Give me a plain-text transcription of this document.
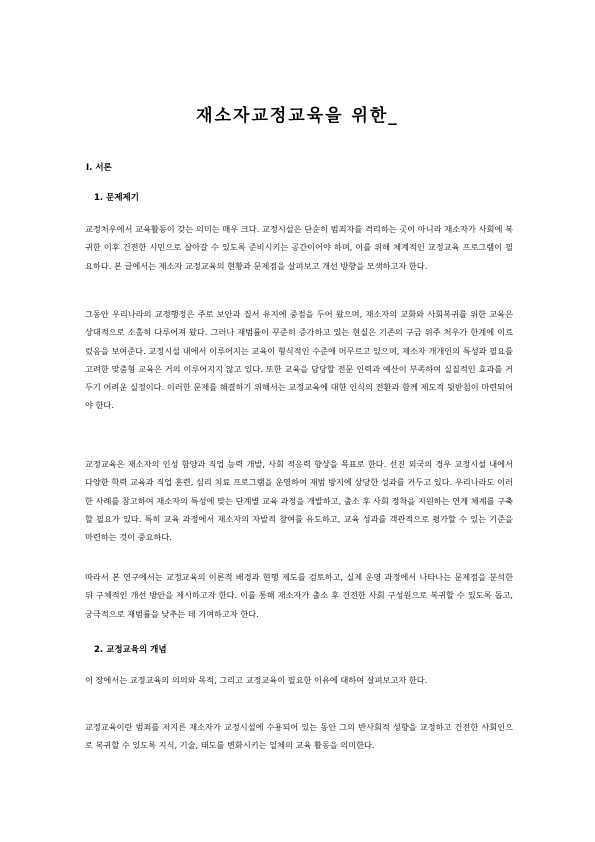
재소자교정교육을 위한_
Ⅰ. 서론
1. 문제제기

교정처우에서 교육활동이 갖는 의미는 매우 크다. 교정시설은 단순히 범죄자를 격리하는 곳이 아니라 재소자가 사회에 복귀한 이후 건전한 시민으로 살아갈 수 있도록 준비시키는 공간이어야 하며, 이를 위해 체계적인 교정교육 프로그램이 필요하다. 본 글에서는 재소자 교정교육의 현황과 문제점을 살펴보고 개선 방향을 모색하고자 한다.

그동안 우리나라의 교정행정은 주로 보안과 질서 유지에 중점을 두어 왔으며, 재소자의 교화와 사회복귀를 위한 교육은 상대적으로 소홀히 다루어져 왔다. 그러나 재범률이 꾸준히 증가하고 있는 현실은 기존의 구금 위주 처우가 한계에 이르렀음을 보여준다. 교정시설 내에서 이루어지는 교육이 형식적인 수준에 머무르고 있으며, 재소자 개개인의 특성과 필요를 고려한 맞춤형 교육은 거의 이루어지지 않고 있다. 또한 교육을 담당할 전문 인력과 예산이 부족하여 실질적인 효과를 거두기 어려운 실정이다. 이러한 문제를 해결하기 위해서는 교정교육에 대한 인식의 전환과 함께 제도적 뒷받침이 마련되어야 한다.

교정교육은 재소자의 인성 함양과 직업 능력 개발, 사회 적응력 향상을 목표로 한다. 선진 외국의 경우 교정시설 내에서 다양한 학력 교육과 직업 훈련, 심리 치료 프로그램을 운영하여 재범 방지에 상당한 성과를 거두고 있다. 우리나라도 이러한 사례를 참고하여 재소자의 특성에 맞는 단계별 교육 과정을 개발하고, 출소 후 사회 정착을 지원하는 연계 체계를 구축할 필요가 있다. 특히 교육 과정에서 재소자의 자발적 참여를 유도하고, 교육 성과를 객관적으로 평가할 수 있는 기준을 마련하는 것이 중요하다.

따라서 본 연구에서는 교정교육의 이론적 배경과 현행 제도를 검토하고, 실제 운영 과정에서 나타나는 문제점을 분석한 뒤 구체적인 개선 방안을 제시하고자 한다. 이를 통해 재소자가 출소 후 건전한 사회 구성원으로 복귀할 수 있도록 돕고, 궁극적으로 재범률을 낮추는 데 기여하고자 한다.

2. 교정교육의 개념

이 장에서는 교정교육의 의의와 목적, 그리고 교정교육이 필요한 이유에 대하여 살펴보고자 한다.

교정교육이란 범죄를 저지른 재소자가 교정시설에 수용되어 있는 동안 그의 반사회적 성향을 교정하고 건전한 사회인으로 복귀할 수 있도록 지식, 기술, 태도를 변화시키는 일체의 교육 활동을 의미한다.
